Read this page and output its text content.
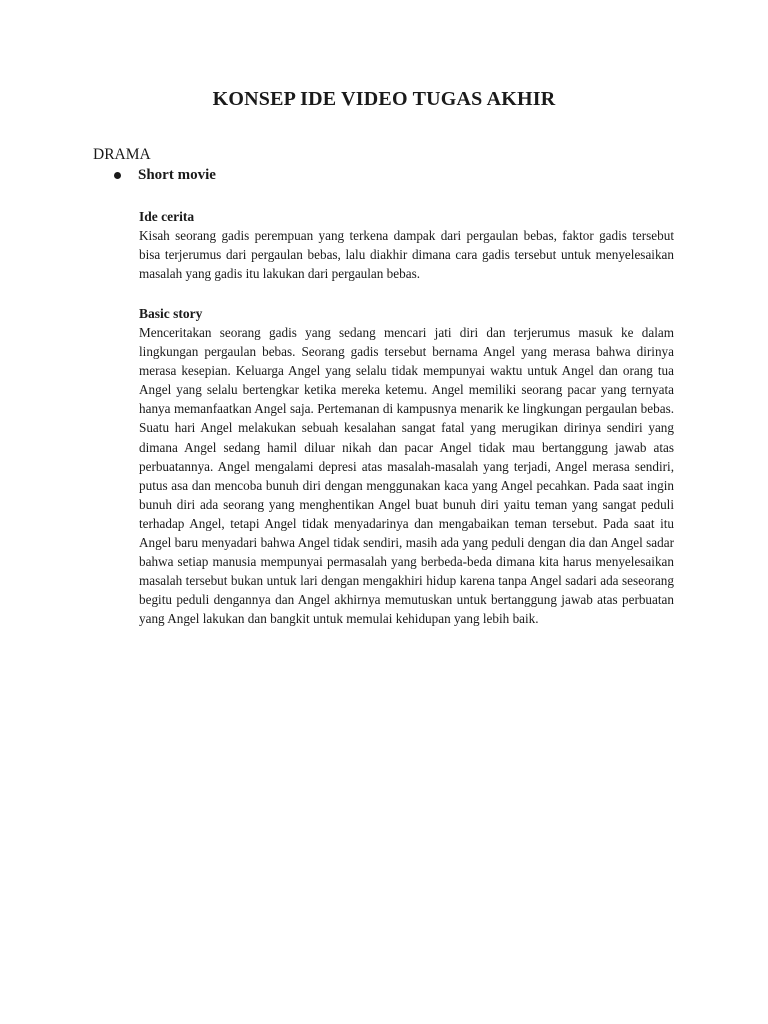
KONSEP IDE VIDEO TUGAS AKHIR

DRAMA

Short movie

Ide cerita

Kisah seorang gadis perempuan yang terkena dampak dari pergaulan bebas, faktor gadis tersebut bisa terjerumus dari pergaulan bebas, lalu diakhir dimana cara gadis tersebut untuk menyelesaikan masalah yang gadis itu lakukan dari pergaulan bebas.

Basic story

Menceritakan seorang gadis yang sedang mencari jati diri dan terjerumus masuk ke dalam lingkungan pergaulan bebas. Seorang gadis tersebut bernama Angel yang merasa bahwa dirinya merasa kesepian. Keluarga Angel yang selalu tidak mempunyai waktu untuk Angel dan orang tua Angel yang selalu bertengkar ketika mereka ketemu. Angel memiliki seorang pacar yang ternyata hanya memanfaatkan Angel saja. Pertemanan di kampusnya menarik ke lingkungan pergaulan bebas. Suatu hari Angel melakukan sebuah kesalahan sangat fatal yang merugikan dirinya sendiri yang dimana Angel sedang hamil diluar nikah dan pacar Angel tidak mau bertanggung jawab atas perbuatannya. Angel mengalami depresi atas masalah-masalah yang terjadi, Angel merasa sendiri, putus asa dan mencoba bunuh diri dengan menggunakan kaca yang Angel pecahkan. Pada saat ingin bunuh diri ada seorang yang menghentikan Angel buat bunuh diri yaitu teman yang sangat peduli terhadap Angel, tetapi Angel tidak menyadarinya dan mengabaikan teman tersebut. Pada saat itu Angel baru menyadari bahwa Angel tidak sendiri, masih ada yang peduli dengan dia dan Angel sadar bahwa setiap manusia mempunyai permasalah yang berbeda-beda dimana kita harus menyelesaikan masalah tersebut bukan untuk lari dengan mengakhiri hidup karena tanpa Angel sadari ada seseorang begitu peduli dengannya dan Angel akhirnya memutuskan untuk bertanggung jawab atas perbuatan yang Angel lakukan dan bangkit untuk memulai kehidupan yang lebih baik.
